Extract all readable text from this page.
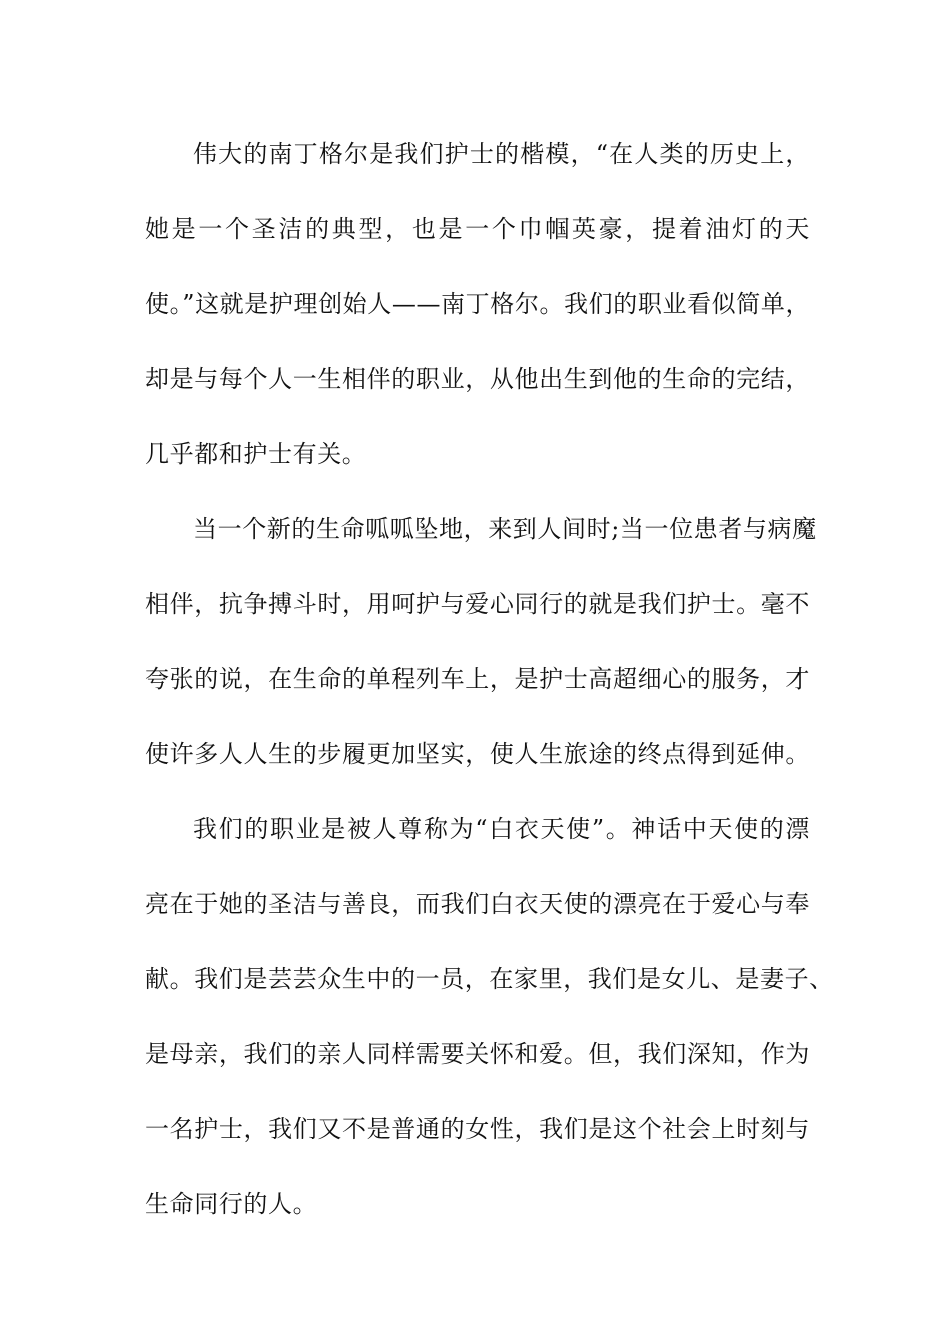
伟大的南丁格尔是我们护士的楷模，“在人类的历史上，
她是一个圣洁的典型，也是一个巾帼英豪，提着油灯的天
使。”这就是护理创始人——南丁格尔。我们的职业看似简单，
却是与每个人一生相伴的职业，从他出生到他的生命的完结，
几乎都和护士有关。
当一个新的生命呱呱坠地，来到人间时;当一位患者与病魔
相伴，抗争搏斗时，用呵护与爱心同行的就是我们护士。毫不
夸张的说，在生命的单程列车上，是护士高超细心的服务，才
使许多人人生的步履更加坚实，使人生旅途的终点得到延伸。
我们的职业是被人尊称为“白衣天使”。神话中天使的漂
亮在于她的圣洁与善良，而我们白衣天使的漂亮在于爱心与奉
献。我们是芸芸众生中的一员，在家里，我们是女儿、是妻子、
是母亲，我们的亲人同样需要关怀和爱。但，我们深知，作为
一名护士，我们又不是普通的女性，我们是这个社会上时刻与
生命同行的人。
